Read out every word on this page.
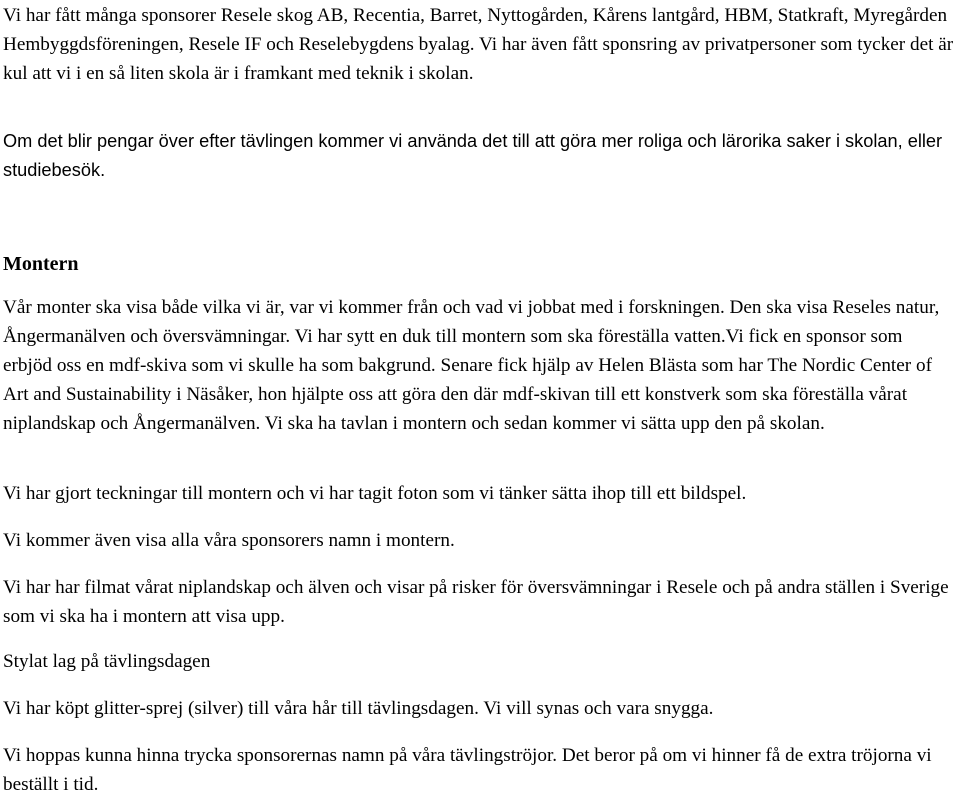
Vi har fått många sponsorer Resele skog AB, Recentia, Barret, Nyttogården, Kårens lantgård, HBM, Statkraft, Myregården Hembyggdsföreningen, Resele IF och Reselebygdens byalag. Vi har även fått sponsring av privatpersoner som tycker det är kul att vi i en så liten skola är i framkant med teknik i skolan.

Om det blir pengar över efter tävlingen kommer vi använda det till att göra mer roliga och lärorika saker i skolan, eller studiebesök.

Montern

Vår monter ska visa både vilka vi är, var vi kommer från och vad vi jobbat med i forskningen. Den ska visa Reseles natur, Ångermanälven och översvämningar. Vi har sytt en duk till montern som ska föreställa vatten.Vi fick en sponsor som erbjöd oss en mdf-skiva som vi skulle ha som bakgrund. Senare fick hjälp av Helen Blästa som har The Nordic Center of Art and Sustainability i Näsåker, hon hjälpte oss att göra den där mdf-skivan till ett konstverk som ska föreställa vårat niplandskap och Ångermanälven. Vi ska ha tavlan i montern och sedan kommer vi sätta upp den på skolan.

Vi har gjort teckningar till montern och vi har tagit foton som vi tänker sätta ihop till ett bildspel.

Vi kommer även visa alla våra sponsorers namn i montern.

Vi har har filmat vårat niplandskap och älven och visar på risker för översvämningar i Resele och på andra ställen i Sverige som vi ska ha i montern att visa upp.

Stylat lag på tävlingsdagen

Vi har köpt glitter-sprej (silver) till våra hår till tävlingsdagen. Vi vill synas och vara snygga.

Vi hoppas kunna hinna trycka sponsorernas namn på våra tävlingströjor. Det beror på om vi hinner få de extra tröjorna vi beställt i tid.
